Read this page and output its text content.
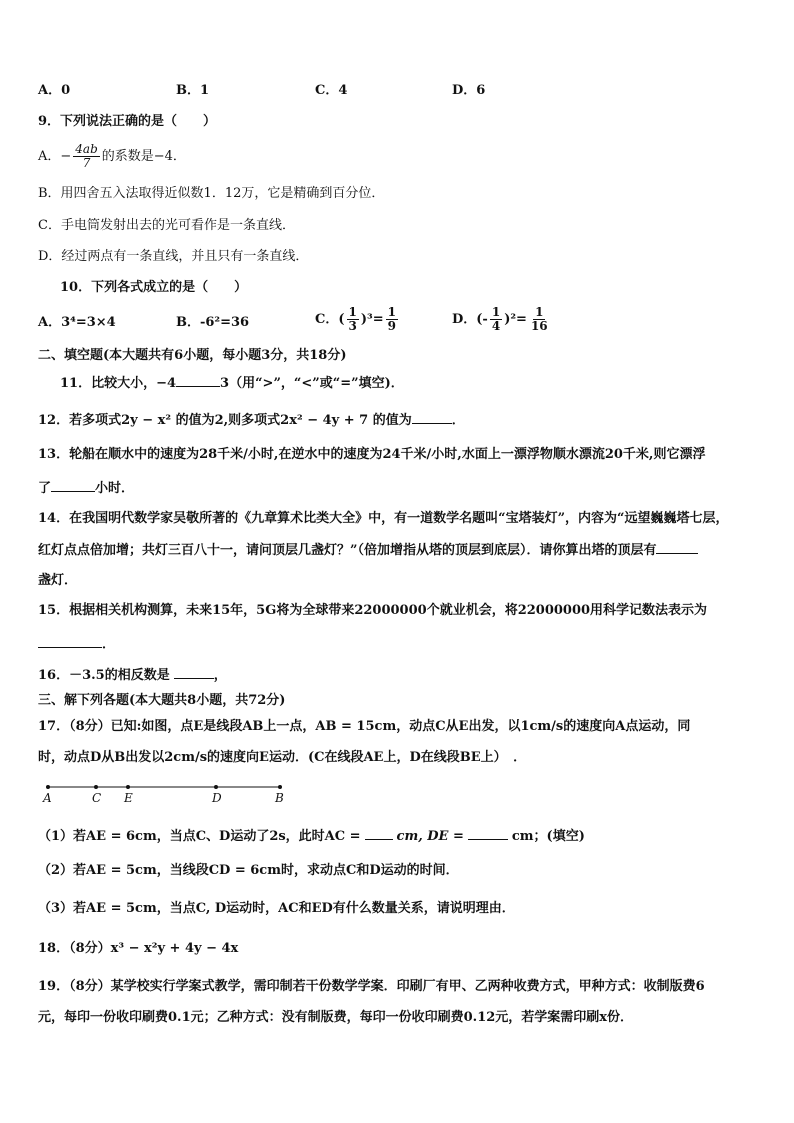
A．0	B．1	C．4	D．6
9．下列说法正确的是（　　）
A．− $\frac{4ab}{7}$ 的系数是−4．
B．用四舍五入法取得近似数1．12万，它是精确到百分位．
C．手电筒发射出去的光可看作是一条直线．
D．经过两点有一条直线，并且只有一条直线．
10．下列各式成立的是（　　）
A．3⁴=3×4	B．-6²=36	C．( $\frac{1}{3} )^3= \frac{1}{9}$	D．(- $\frac{1}{4} )^2= \frac{1}{16}$
二、填空题(本大题共有6小题，每小题3分，共18分)
11．比较大小，−4	3（用“>”，“<”或“=”填空)．
12．若多项式2y − x² 的值为2,则多项式2x² − 4y + 7 的值为	．
13．轮船在顺水中的速度为28千米/小时,在逆水中的速度为24千米/小时,水面上一漂浮物顺水漂流20千米,则它漂浮
了	小时．
14．在我国明代数学家吴敬所著的《九章算术比类大全》中，有一道数学名题叫“宝塔装灯”，内容为“远望巍巍塔七层，
红灯点点倍加增；共灯三百八十一，请问顶层几盏灯？”（倍加增指从塔的顶层到底层）．请你算出塔的顶层有
盏灯．
15．根据相关机构测算，未来15年，5G将为全球带来22000000个就业机会，将22000000用科学记数法表示为
．
16．－3.5的相反数是	，
三、解下列各题(本大题共8小题，共72分)
17．（8分）已知:如图，点E是线段AB上一点，AB = 15cm，动点C从E出发，以1cm/s的速度向A点运动，同
时，动点D从B出发以2cm/s的速度向E运动．(C在线段AE上，D在线段BE上）　．
A	C E	D	B
（1）若AE = 6cm，当点C、D运动了2s，此时AC =	cm, DE =	cm；(填空)
（2）若AE = 5cm，当线段CD = 6cm时，求动点C和D运动的时间．
（3）若AE = 5cm，当点C, D运动时，AC和ED有什么数量关系，请说明理由．
18．（8分）x³ − x²y + 4y − 4x
19．（8分）某学校实行学案式教学，需印制若干份数学学案．印刷厂有甲、乙两种收费方式，甲种方式：收制版费6
元，每印一份收印刷费0.1元；乙种方式：没有制版费，每印一份收印刷费0.12元，若学案需印刷x份．
